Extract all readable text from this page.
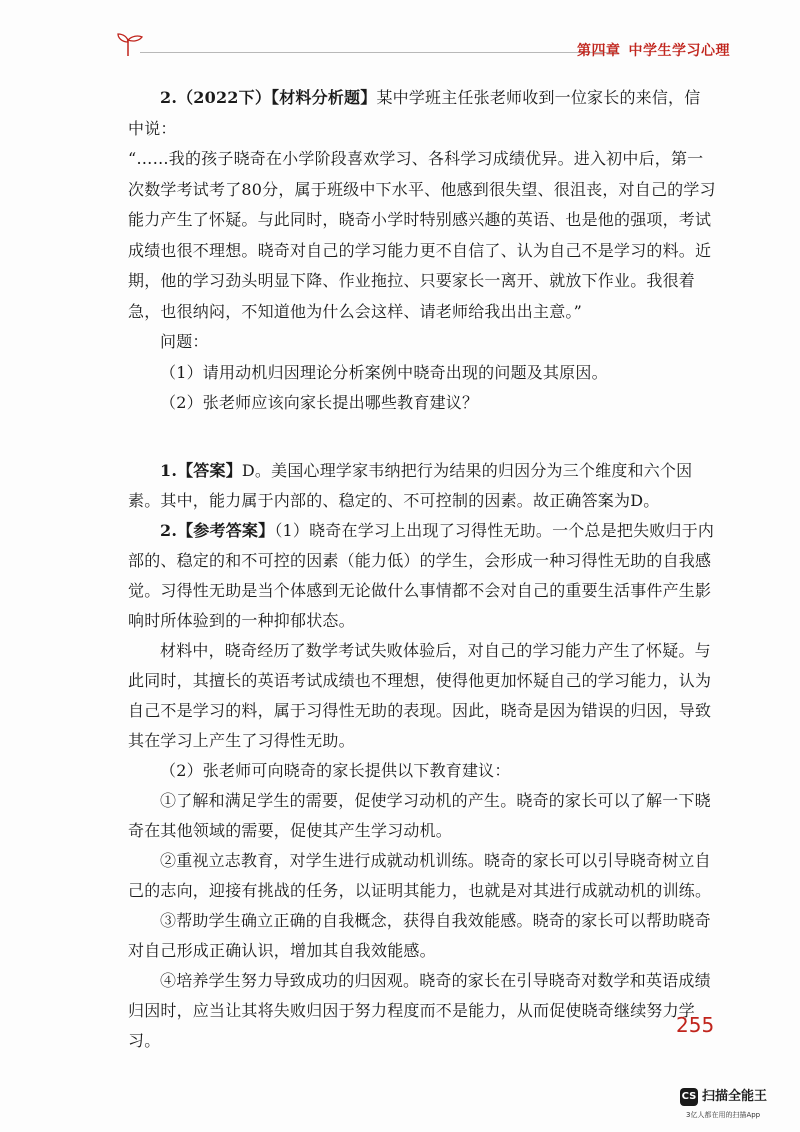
第四章 中学生学习心理

2.（2022下）【材料分析题】某中学班主任张老师收到一位家长的来信，信中说：

“……我的孩子晓奇在小学阶段喜欢学习、各科学习成绩优异。进入初中后，第一次数学考试考了80分，属于班级中下水平、他感到很失望、很沮丧，对自己的学习能力产生了怀疑。与此同时，晓奇小学时特别感兴趣的英语、也是他的强项，考试成绩也很不理想。晓奇对自己的学习能力更不自信了、认为自己不是学习的料。近期，他的学习劲头明显下降、作业拖拉、只要家长一离开、就放下作业。我很着急，也很纳闷，不知道他为什么会这样、请老师给我出出主意。”

问题：

（1）请用动机归因理论分析案例中晓奇出现的问题及其原因。

（2）张老师应该向家长提出哪些教育建议？

1.【答案】D。美国心理学家韦纳把行为结果的归因分为三个维度和六个因素。其中，能力属于内部的、稳定的、不可控制的因素。故正确答案为D。

2.【参考答案】（1）晓奇在学习上出现了习得性无助。一个总是把失败归于内部的、稳定的和不可控的因素（能力低）的学生，会形成一种习得性无助的自我感觉。习得性无助是当个体感到无论做什么事情都不会对自己的重要生活事件产生影响时所体验到的一种抑郁状态。

材料中，晓奇经历了数学考试失败体验后，对自己的学习能力产生了怀疑。与此同时，其擅长的英语考试成绩也不理想，使得他更加怀疑自己的学习能力，认为自己不是学习的料，属于习得性无助的表现。因此，晓奇是因为错误的归因，导致其在学习上产生了习得性无助。

（2）张老师可向晓奇的家长提供以下教育建议：

①了解和满足学生的需要，促使学习动机的产生。晓奇的家长可以了解一下晓奇在其他领域的需要，促使其产生学习动机。

②重视立志教育，对学生进行成就动机训练。晓奇的家长可以引导晓奇树立自己的志向，迎接有挑战的任务，以证明其能力，也就是对其进行成就动机的训练。

③帮助学生确立正确的自我概念，获得自我效能感。晓奇的家长可以帮助晓奇对自己形成正确认识，增加其自我效能感。

④培养学生努力导致成功的归因观。晓奇的家长在引导晓奇对数学和英语成绩归因时，应当让其将失败归因于努力程度而不是能力，从而促使晓奇继续努力学习。

255
CS 扫描全能王
3亿人都在用的扫描App
